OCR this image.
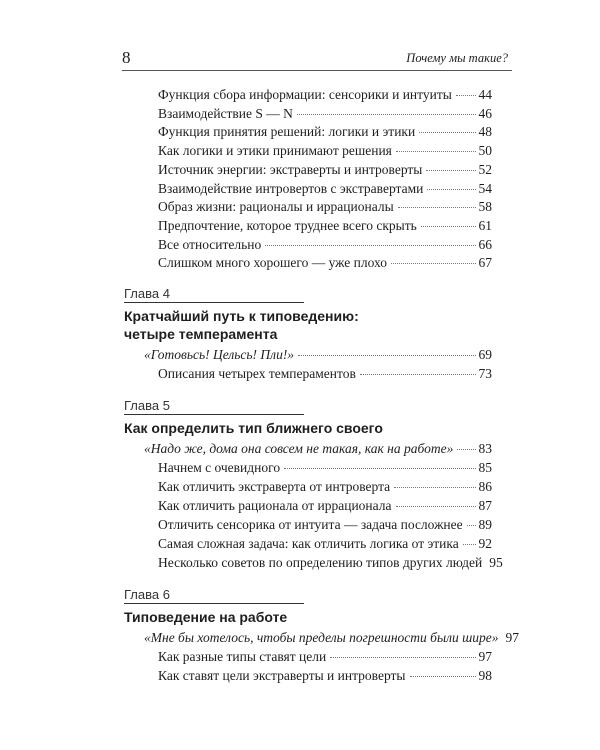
8	Почему мы такие?
Функция сбора информации: сенсорики и интуиты 44
Взаимодействие S — N	46
Функция принятия решений: логики и этики	48
Как логики и этики принимают решения	50
Источник энергии: экстраверты и интроверты	52
Взаимодействие интровертов с экстравертами	54
Образ жизни: рационалы и иррационалы	58
Предпочтение, которое труднее всего скрыть	61
Все относительно	66
Слишком много хорошего — уже плохо	67
Глава 4
Кратчайший путь к типоведению:
четыре темперамента
«Готовьсь! Цельсь! Пли!»	69
Описания четырех темпераментов	73
Глава 5
Как определить тип ближнего своего
«Надо же, дома она совсем не такая, как на работе» 83
Начнем с очевидного	85
Как отличить экстраверта от интроверта	86
Как отличить рационала от иррационала	87
Отличить сенсорика от интуита — задача посложнее 89
Самая сложная задача: как отличить логика от этика 92
Несколько советов по определению типов других людей 95
Глава 6
Типоведение на работе
«Мне бы хотелось, чтобы пределы погрешности были шире» 97
Как разные типы ставят цели	97
Как ставят цели экстраверты и интроверты	98
